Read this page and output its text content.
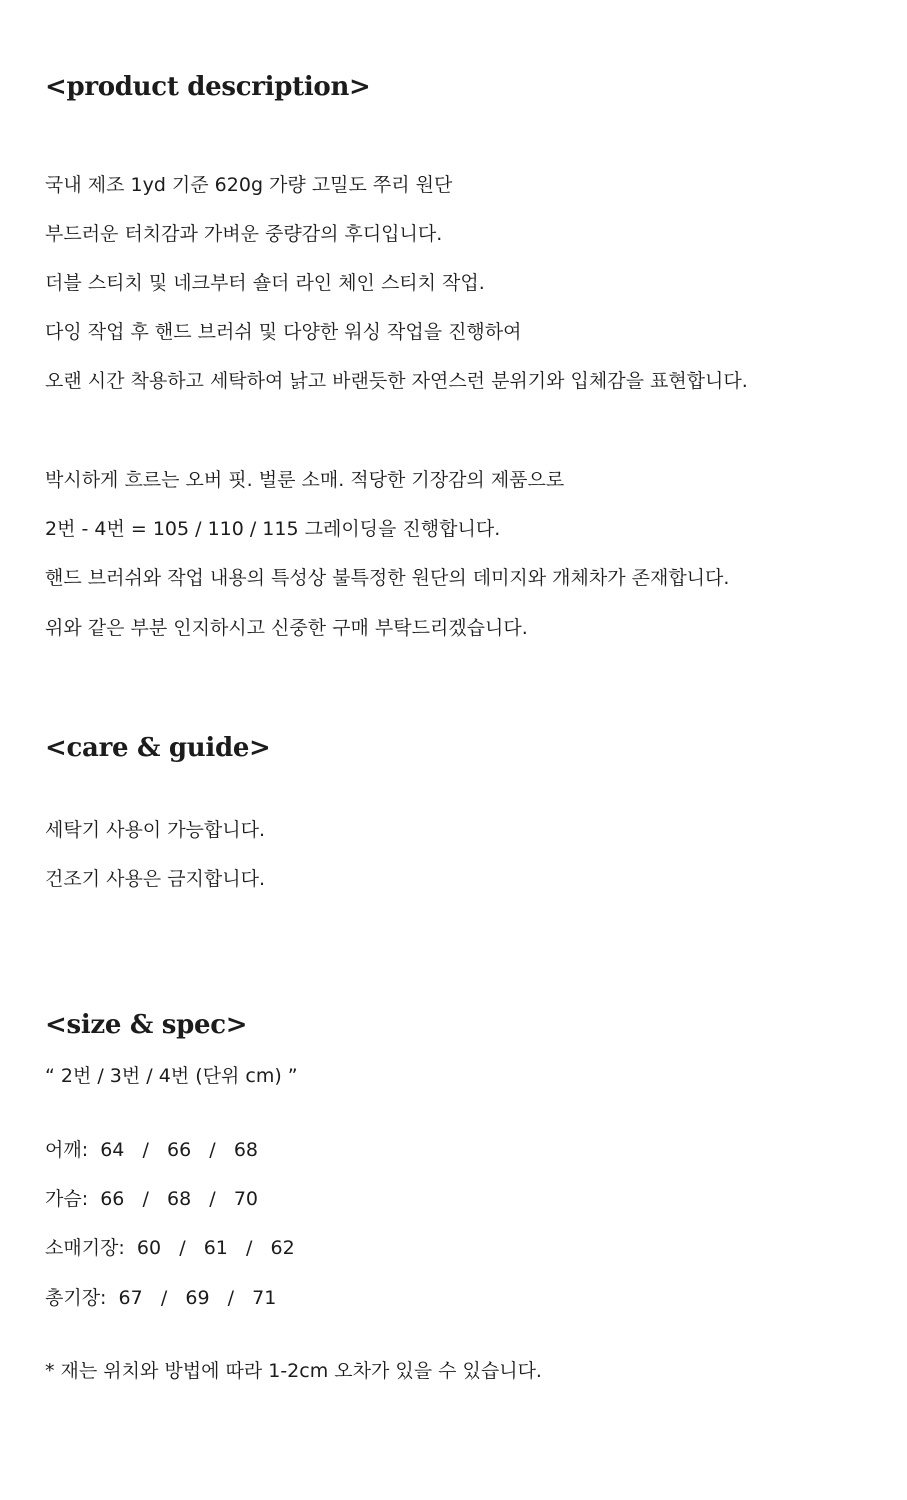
<product description>

국내 제조 1yd 기준 620g 가량 고밀도 쭈리 원단

부드러운 터치감과 가벼운 중량감의 후디입니다.

더블 스티치 및 네크부터 숄더 라인 체인 스티치 작업.

다잉 작업 후 핸드 브러쉬 및 다양한 워싱 작업을 진행하여

오랜 시간 착용하고 세탁하여 낡고 바랜듯한 자연스런 분위기와 입체감을 표현합니다.

박시하게 흐르는 오버 핏. 벌룬 소매. 적당한 기장감의 제품으로

2번 - 4번 = 105 / 110 / 115 그레이딩을 진행합니다.

핸드 브러쉬와 작업 내용의 특성상 불특정한 원단의 데미지와 개체차가 존재합니다.

위와 같은 부분 인지하시고 신중한 구매 부탁드리겠습니다.

<care & guide>

세탁기 사용이 가능합니다.

건조기 사용은 금지합니다.

<size & spec>

“ 2번 / 3번 / 4번 (단위 cm) ”

어깨:  64   /   66   /   68

가슴:  66   /   68   /   70

소매기장:  60   /   61   /   62

총기장:  67   /   69   /   71

* 재는 위치와 방법에 따라 1-2cm 오차가 있을 수 있습니다.
